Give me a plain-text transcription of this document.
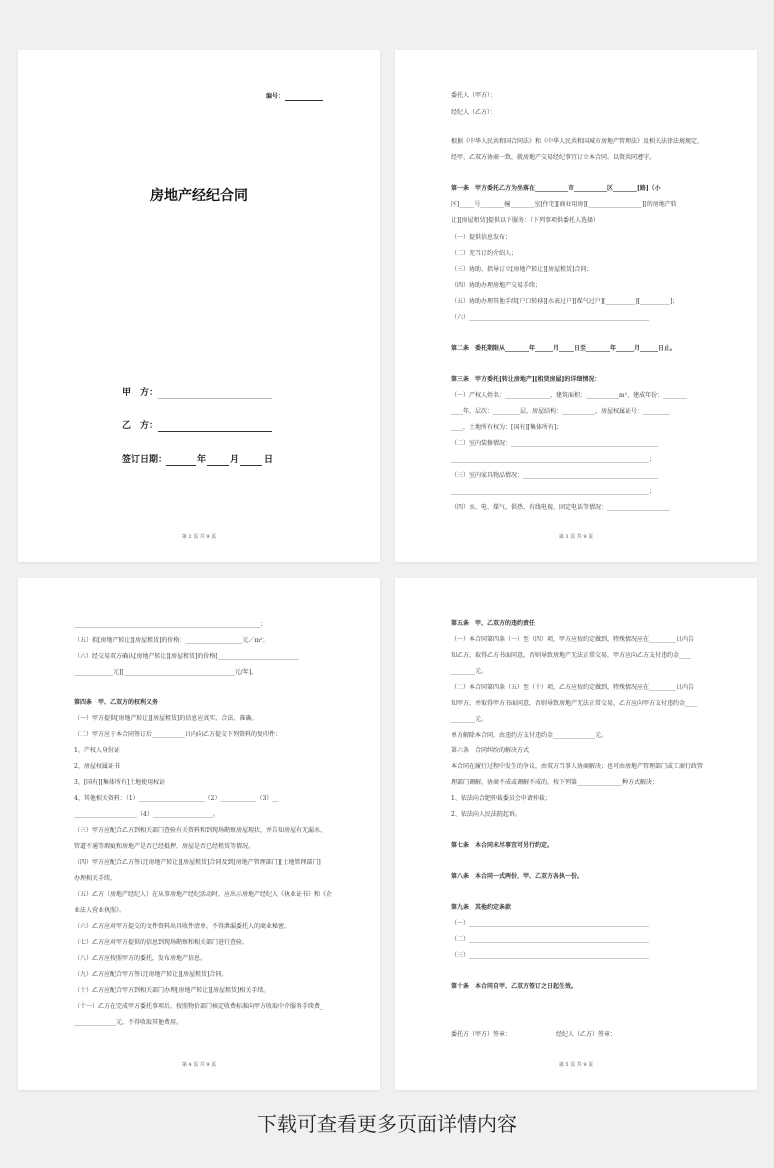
编号：
房地产经纪合同
甲　方：
乙　方：
签订日期：	年	月	日
第 2 页 共 9 页
委托人（甲方）：
经纪人（乙方）：
根据《中华人民共和国合同法》和《中华人民共和国城市房地产管理法》及相关法律法规规定，
经甲、乙双方协商一致，就房地产交易经纪事宜订立本合同，以资共同遵守。
第一条　甲方委托乙方为坐落在___________市___________区________[路]（小
区]_____号________幢________室[住宅][商业用房][__________________][的房地产转
让][房屋租赁]提供以下服务：（下列事项供委托人选择）
（一）提供信息发布；
（二）充当订约介绍人；
（三）协助、指导订立[房地产转让][房屋租赁]合同；
（四）协助办理房地产交易手续；
（五）协助办理其他手续[户口转移][水表过户][煤气过户][__________][__________]；
（六）____________________________________________________________
第二条　委托期限从________年______月_____日至________年______月______日止。
第三条　甲方委托[转让房地产][租赁房屋]的详细情况：
（一）产权人姓名：_______________，建筑面积：___________m²，建成年份：________
____年，层次：_________层，房屋结构：___________，房屋权属证号：_________
____，土地所有权为：[国有][集体所有]；
（二）室内装修情况：_________________________________________________
__________________________________________________________________；
（三）室内家具物品情况：_____________________________________________
__________________________________________________________________；
（四）水、电、煤气、供热、有线电视、固定电话等情况：_____________________
第 3 页 共 9 页
______________________________________________________________；
（五）拟[房地产转让][房屋租赁]的价格：___________________元／m²；
（六）经交易双方确认[房地产转让][房屋租赁]的价格[___________________________
_____________元][_____________________________________元/年]。
第四条　甲、乙双方的权利义务
（一）甲方提供[房地产转让][房屋租赁]的信息应真实、合法、准确。
（二）甲方应于本合同签订后___________日内向乙方提交下列资料的复印件：
1、产权人身份证
2、房屋权属证书
3、[国有][集体所有]土地使用权证
4、其他相关资料：（1）______________________（2）____________（3）__
_____________________（4）____________________。
（三）甲方应配合乙方到相关部门查验有关资料和到现场勘察房屋现状，并告知房屋有无漏水、
管道不通等瑕疵和房地产是否已经抵押、房屋是否已经租赁等情况。
（四）甲方应配合乙方签订[房地产转让][房屋租赁]合同及到[房地产管理部门][土地管理部门]
办理相关手续。
（五）乙方（房地产经纪人）在从事房地产经纪活动时，应出示房地产经纪人《执业证书》和《企
业法人营业执照》。
（六）乙方应对甲方提交的文件资料出具收件清单，不得泄漏委托人的商业秘密。
（七）乙方应对甲方提供的信息到现场勘察和相关部门进行查验。
（八）乙方应按照甲方的委托，发布房地产信息。
（九）乙方应配合甲方签订[房地产转让][房屋租赁]合同。
（十）乙方应配合甲方到相关部门办理[房地产转让][房屋租赁]相关手续。
（十一）乙方在完成甲方委托事项后，按照物价部门核定收费标准向甲方收取中介服务手续费_
______________元，不得收取其他费用。
第 4 页 共 9 页
第五条　甲、乙双方的违约责任
（一）本合同第四条（一）至（四）项，甲方应按约定做到，特殊情况应在_________日内告
知乙方，取得乙方书面同意，否则导致房地产无法正常交易，甲方应向乙方支付违约金____
________元。
（二）本合同第四条（五）至（十）项，乙方应按约定做到，特殊情况应在_________日内告
知甲方，并取得甲方书面同意，否则导致房地产无法正常交易，乙方应向甲方支付违约金____
________元。
单方解除本合同，由违约方支付违约金______________元。
第六条　合同纠纷的解决方式
本合同在履行过程中发生的争议，由双方当事人协商解决；也可由房地产管理部门或工商行政管
理部门调解，协商不成或调解不成的，按下列第_______________种方式解决：
1、依法向合肥仲裁委员会申请仲裁；
2、依法向人民法院起诉。
第七条　本合同未尽事宜可另行约定。
第八条　本合同一式两份，甲、乙双方各执一份。
第九条　其他约定条款
（一）____________________________________________________________
（二）____________________________________________________________
（三）____________________________________________________________
第十条　本合同自甲、乙双方签订之日起生效。
委托方（甲方）签章：　　　　　　　　经纪人（乙方）签章：
第 5 页 共 9 页
下载可查看更多页面详情内容
